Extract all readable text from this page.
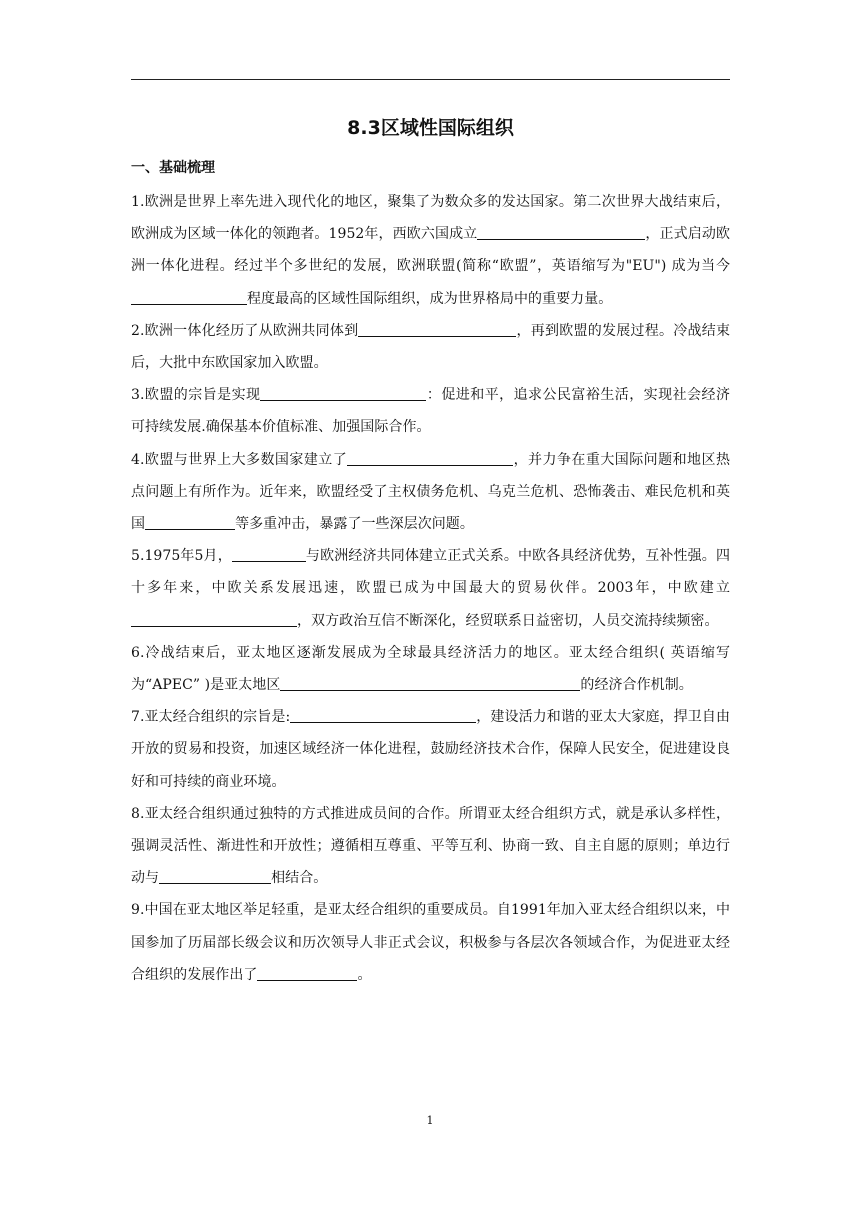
8.3区域性国际组织
一、基础梳理

1.欧洲是世界上率先进入现代化的地区，聚集了为数众多的发达国家。第二次世界大战结束后，欧洲成为区域一体化的领跑者。1952年，西欧六国成立	，正式启动欧洲一体化进程。经过半个多世纪的发展，欧洲联盟(简称“欧盟”，英语缩写为"EU") 成为当今程度最高的区域性国际组织，成为世界格局中的重要力量。

2.欧洲一体化经历了从欧洲共同体到	，再到欧盟的发展过程。冷战结束后，大批中东欧国家加入欧盟。

3.欧盟的宗旨是实现	：促进和平，追求公民富裕生活，实现社会经济可持续发展.确保基本价值标准、加强国际合作。

4.欧盟与世界上大多数国家建立了	，并力争在重大国际问题和地区热点问题上有所作为。近年来，欧盟经受了主权债务危机、乌克兰危机、恐怖袭击、难民危机和英国	等多重冲击，暴露了一些深层次问题。

5.1975年5月，	与欧洲经济共同体建立正式关系。中欧各具经济优势，互补性强。四十多年来，中欧关系发展迅速，欧盟已成为中国最大的贸易伙伴。2003年，中欧建立，双方政治互信不断深化，经贸联系日益密切，人员交流持续频密。

6.冷战结束后，亚太地区逐渐发展成为全球最具经济活力的地区。亚太经合组织( 英语缩写为“APEC” )是亚太地区	的经济合作机制。

7.亚太经合组织的宗旨是:	，建设活力和谐的亚太大家庭，捍卫自由开放的贸易和投资，加速区域经济一体化进程，鼓励经济技术合作，保障人民安全，促进建设良好和可持续的商业环境。

8.亚太经合组织通过独特的方式推进成员间的合作。所谓亚太经合组织方式，就是承认多样性，强调灵活性、渐进性和开放性；遵循相互尊重、平等互利、协商一致、自主自愿的原则；单边行动与	相结合。

9.中国在亚太地区举足轻重，是亚太经合组织的重要成员。自1991年加入亚太经合组织以来，中国参加了历届部长级会议和历次领导人非正式会议，积极参与各层次各领域合作，为促进亚太经合组织的发展作出了	。

1
